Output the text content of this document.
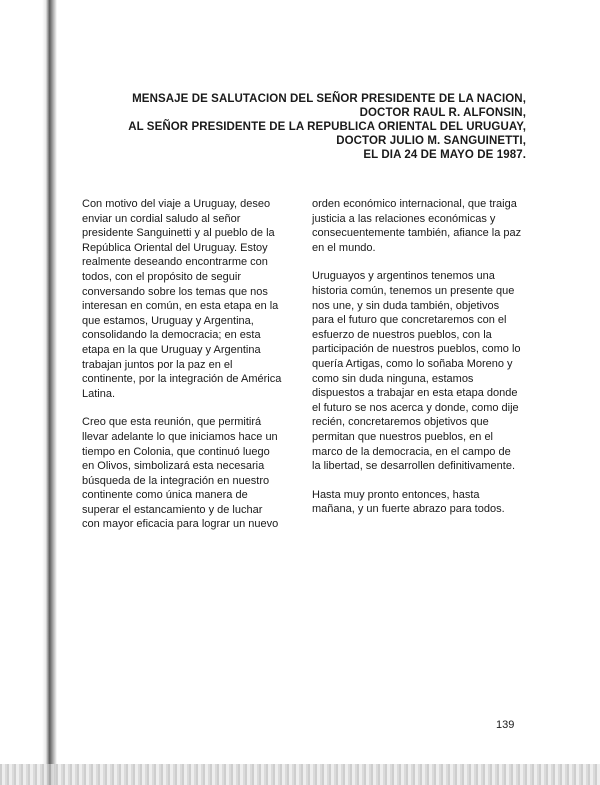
MENSAJE DE SALUTACION DEL SEÑOR PRESIDENTE DE LA NACION,
DOCTOR RAUL R. ALFONSIN,
AL SEÑOR PRESIDENTE DE LA REPUBLICA ORIENTAL DEL URUGUAY,
DOCTOR JULIO M. SANGUINETTI,
EL DIA 24 DE MAYO DE 1987.

Con motivo del viaje a Uruguay, deseo enviar un cordial saludo al señor presidente Sanguinetti y al pueblo de la República Oriental del Uruguay. Estoy realmente deseando encontrarme con todos, con el propósito de seguir conversando sobre los temas que nos interesan en común, en esta etapa en la que estamos, Uruguay y Argentina, consolidando la democracia; en esta etapa en la que Uruguay y Argentina trabajan juntos por la paz en el continente, por la integración de América Latina.

Creo que esta reunión, que permitirá llevar adelante lo que iniciamos hace un tiempo en Colonia, que continuó luego en Olivos, simbolizará esta necesaria búsqueda de la integración en nuestro continente como única manera de superar el estancamiento y de luchar con mayor eficacia para lograr un nuevo

orden económico internacional, que traiga justicia a las relaciones económicas y consecuentemente también, afiance la paz en el mundo.

Uruguayos y argentinos tenemos una historia común, tenemos un presente que nos une, y sin duda también, objetivos para el futuro que concretaremos con el esfuerzo de nuestros pueblos, con la participación de nuestros pueblos, como lo quería Artigas, como lo soñaba Moreno y como sin duda ninguna, estamos dispuestos a trabajar en esta etapa donde el futuro se nos acerca y donde, como dije recién, concretaremos objetivos que permitan que nuestros pueblos, en el marco de la democracia, en el campo de la libertad, se desarrollen definitivamente.

Hasta muy pronto entonces, hasta mañana, y un fuerte abrazo para todos.

139
